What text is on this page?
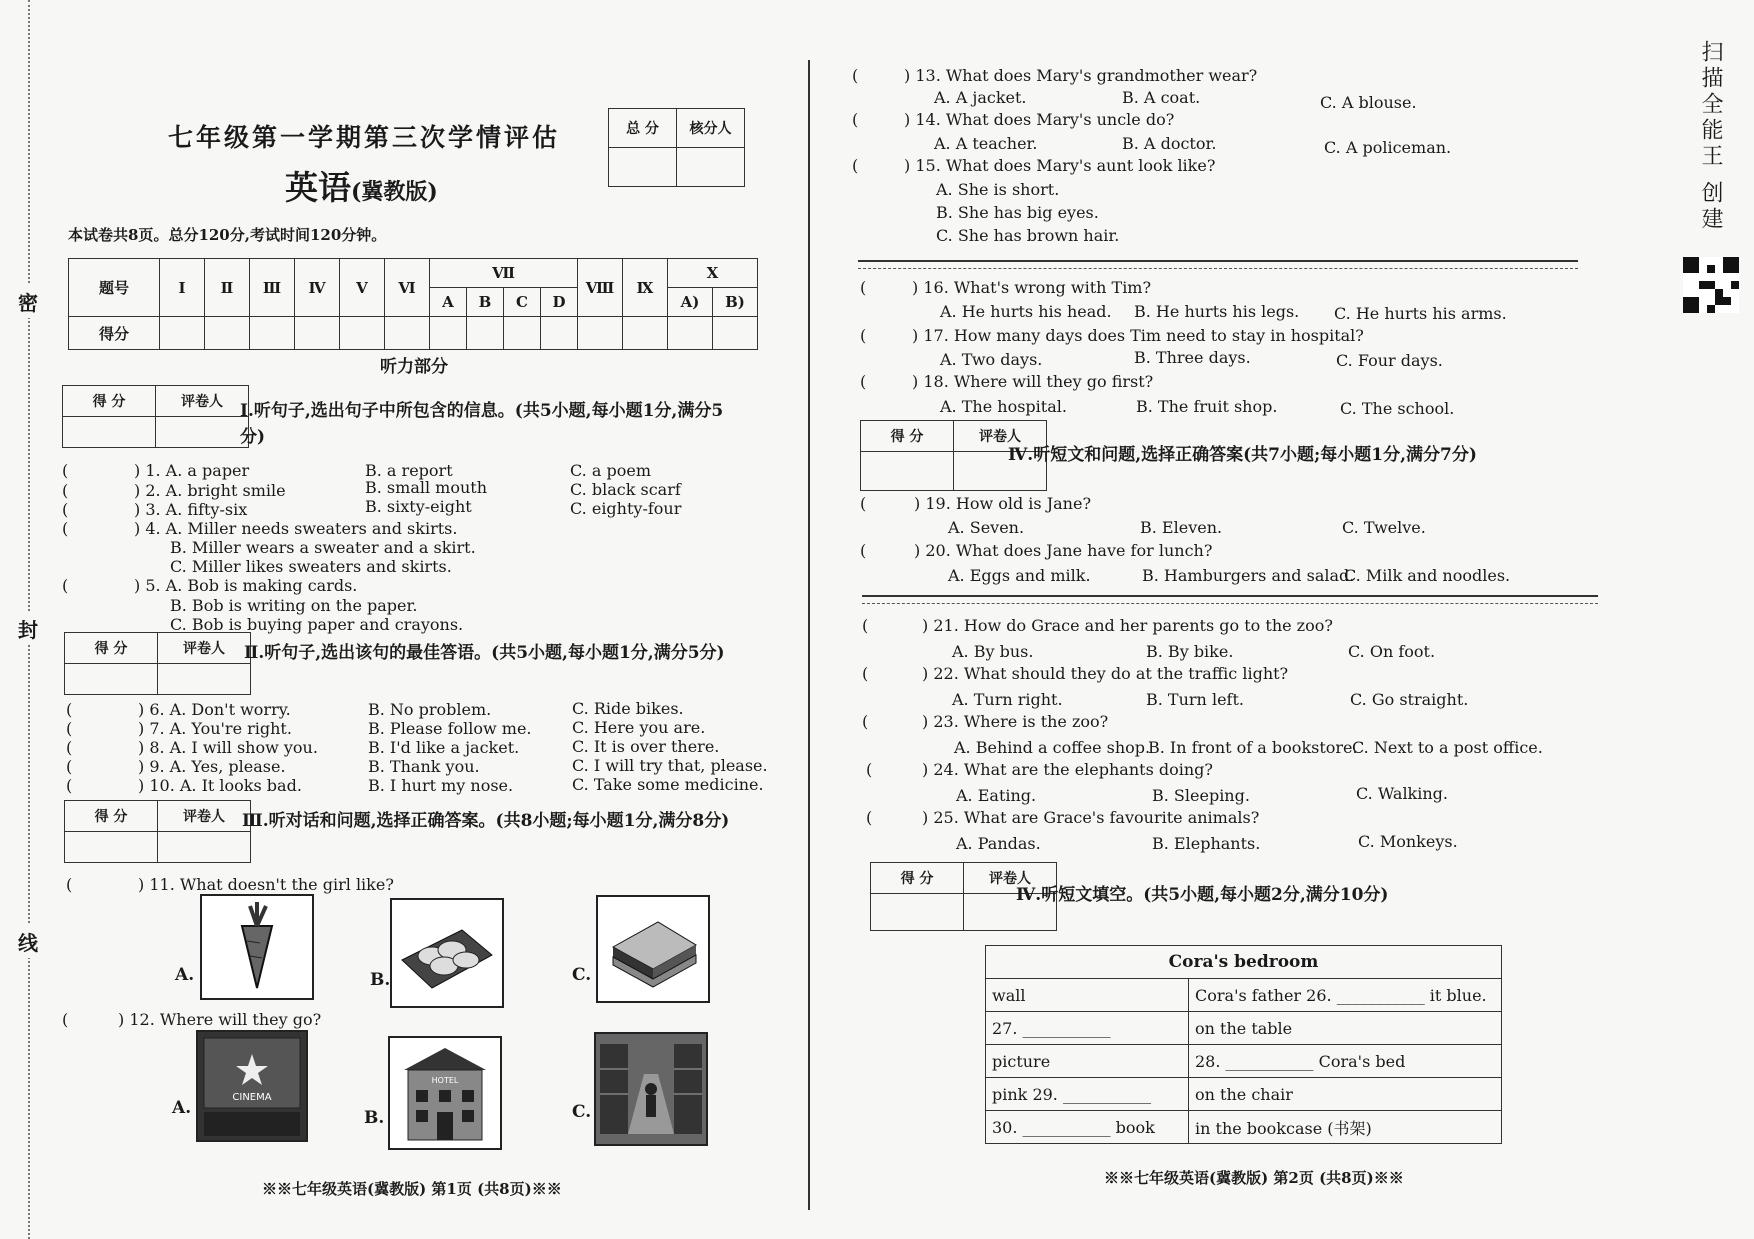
密
封
线
七年级第一学期第三次学情评估
英语(冀教版)
总 分	核分人

本试卷共8页。总分120分,考试时间120分钟。
题号	I	Ⅱ	Ⅲ	Ⅳ	V	Ⅵ	Ⅶ				Ⅷ	Ⅸ	X	
							A	B	C	D			A)	B)
得分														
听力部分
得 分	评卷人
	I.听句子,选出句子中所包含的信息。(共5小题,每小题1分,满分5分)
(	) 1. A. a paper	B. a report	C. a poem
(	) 2. A. bright smile	B. small mouth	C. black scarf
(	) 3. A. fifty-six	B. sixty-eight	C. eighty-four
(	) 4. A. Miller needs sweaters and skirts.
B. Miller wears a sweater and a skirt.
C. Miller likes sweaters and skirts.
(	) 5. A. Bob is making cards.
B. Bob is writing on the paper.
C. Bob is buying paper and crayons.
得 分	评卷人
	Ⅱ.听句子,选出该句的最佳答语。(共5小题,每小题1分,满分5分)
(	) 6. A. Don't worry.	B. No problem.	C. Ride bikes.
(	) 7. A. You're right.	B. Please follow me.	C. Here you are.
(	) 8. A. I will show you.	B. I'd like a jacket.	C. It is over there.
(	) 9. A. Yes, please.	B. Thank you.	C. I will try that, please.
(	) 10. A. It looks bad.	B. I hurt my nose.	C. Take some medicine.
得 分	评卷人
	Ⅲ.听对话和问题,选择正确答案。(共8小题;每小题1分,满分8分)
(	) 11. What doesn't the girl like?
A.	B.	C.
(	) 12. Where will they go?
A.
CINEMA
B.
HOTEL
C.
※※七年级英语(冀教版) 第1页 (共8页)※※
(	) 13. What does Mary's grandmother wear?
A. A jacket.	B. A coat.	C. A blouse.
(	) 14. What does Mary's uncle do?
A. A teacher.	B. A doctor.	C. A policeman.
(	) 15. What does Mary's aunt look like?
A. She is short.
B. She has big eyes.
C. She has brown hair.
(	) 16. What's wrong with Tim?
A. He hurts his head. B. He hurts his legs. C. He hurts his arms.
(	) 17. How many days does Tim need to stay in hospital?
A. Two days.	B. Three days.	C. Four days.
(	) 18. Where will they go first?
A. The hospital.	B. The fruit shop.	C. The school.
得 分	评卷人

Ⅳ.听短文和问题,选择正确答案(共7小题;每小题1分,满分7分)
(	) 19. How old is Jane?
A. Seven.	B. Eleven.	C. Twelve.
(	) 20. What does Jane have for lunch?
A. Eggs and milk.	B. Hamburgers and salad.
C. Milk and noodles.
(	) 21. How do Grace and her parents go to the zoo?
A. By bus.	B. By bike.	C. On foot.
(	) 22. What should they do at the traffic light?
A. Turn right.	B. Turn left.	C. Go straight.
(	) 23. Where is the zoo?
A. Behind a coffee shop.
B. In front of a bookstore.
C. Next to a post office.
(	) 24. What are the elephants doing?
A. Eating.	B. Sleeping.	C. Walking.
(	) 25. What are Grace's favourite animals?
A. Pandas.	B. Elephants.	C. Monkeys.
得 分	评卷人

Ⅳ.听短文填空。(共5小题,每小题2分,满分10分)
※※七年级英语(冀教版) 第2页 (共8页)※※
Cora's bedroom	
wall	Cora's father 26. ___________ it blue.
27. ___________	on the table
picture	28. ___________ Cora's bed
pink 29. ___________	on the chair
30. ___________ book	in the bookcase (书架)
扫描全能王 创建
